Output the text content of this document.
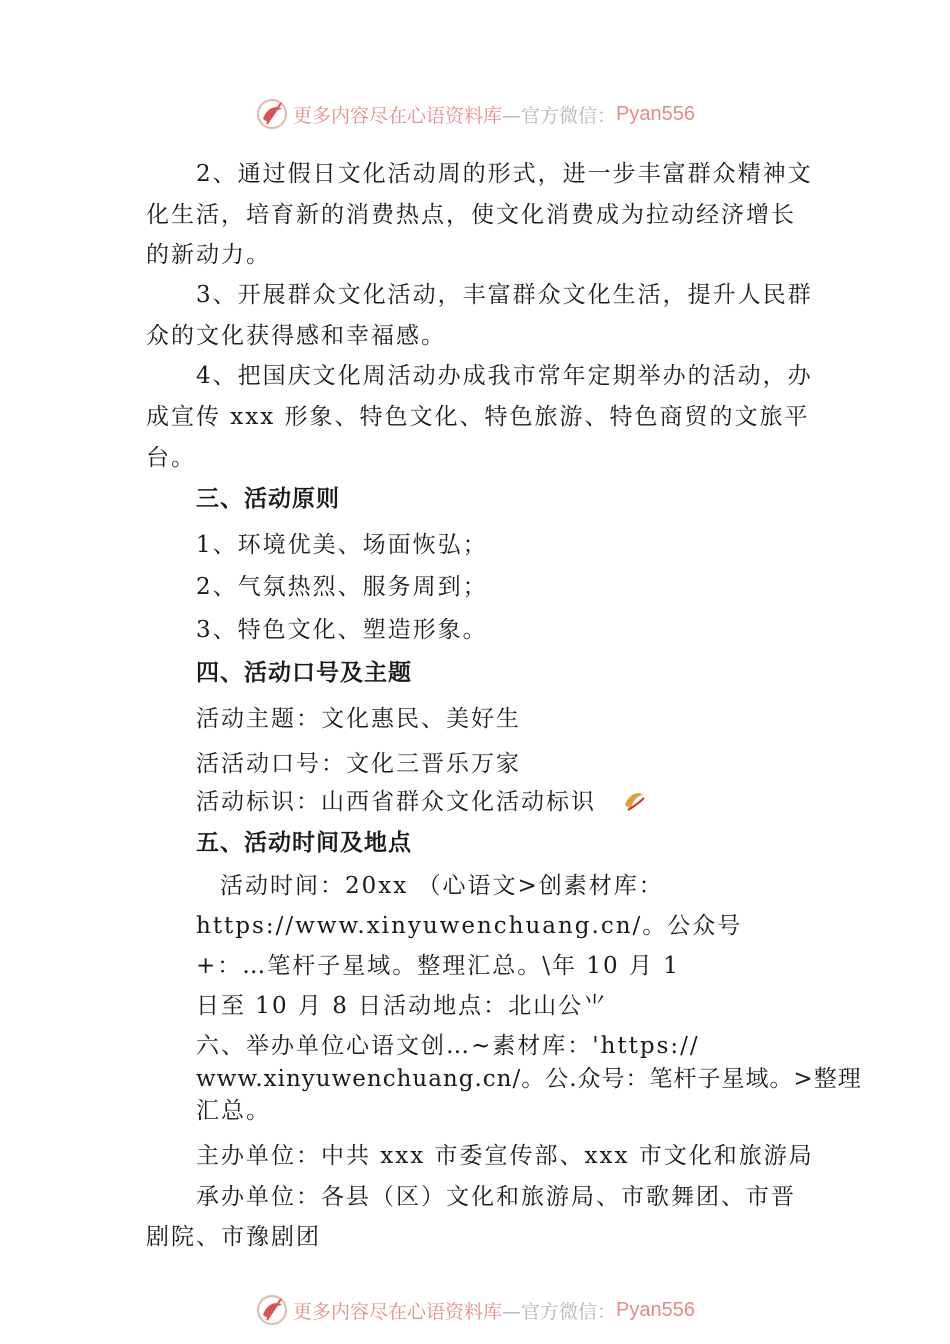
更多内容尽在心语资料库 —官方微信： Pyan556
2、通过假日文化活动周的形式，进一步丰富群众精神文
化生活，培育新的消费热点，使文化消费成为拉动经济增长
的新动力。
3、开展群众文化活动，丰富群众文化生活，提升人民群
众的文化获得感和幸福感。
4、把国庆文化周活动办成我市常年定期举办的活动，办
成宣传 xxx 形象、特色文化、特色旅游、特色商贸的文旅平
台。
三、活动原则
1、环境优美、场面恢弘；
2、气氛热烈、服务周到；
3、特色文化、塑造形象。
四、活动口号及主题
活动主题：文化惠民、美好生
活活动口号：文化三晋乐万家
活动标识：山西省群众文化活动标识
五、活动时间及地点
活动时间：20xx （心语文>创素材库：
https://www.xinyuwenchuang.cn/。公众号
+：…笔杆子星域。整理汇总。\年 10 月 1
日至 10 月 8 日活动地点：北山公⺌
六、举办单位心语文创…~素材库：'https://
www.xinyuwenchuang.cn/。公.众号：笔杆子星域。>整理
汇总。
主办单位：中共 xxx 市委宣传部、xxx 市文化和旅游局
承办单位：各县（区）文化和旅游局、市歌舞团、市晋
剧院、市豫剧团
更多内容尽在心语资料库 —官方微信： Pyan556
